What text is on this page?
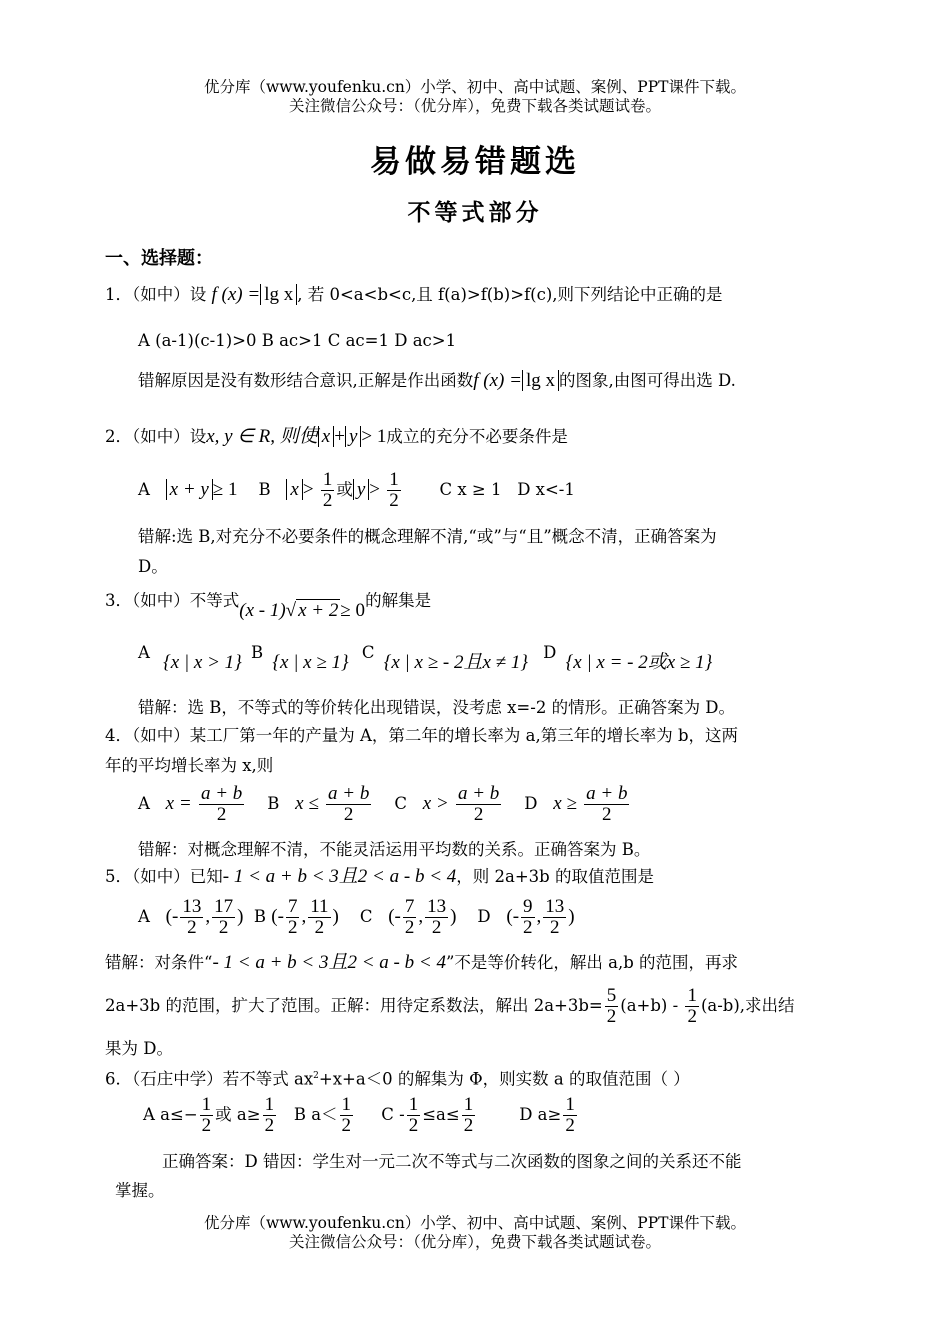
优分库（www.youfenku.cn）小学、初中、高中试题、案例、PPT课件下载。
关注微信公众号：（优分库），免费下载各类试题试卷。
易做易错题选
不等式部分
一、选择题：
1．（如中）设 f (x) = lg x , 若 0<a<b<c,且 f(a)>f(b)>f(c),则下列结论中正确的是
A (a-1)(c-1)>0 B ac>1 C ac=1 D ac>1
错解原因是没有数形结合意识,正解是作出函数f (x) = lg x 的图象,由图可得出选 D.
2．（如中）设x, y ∈ R, 则使 x + y > 1成立的充分不必要条件是
A x + y ≥ 1 B $x > \frac{1}{2}$ 或 $y > \frac{1}{2}$ C x ≥ 1 D x<-1
错解:选 B,对充分不必要条件的概念理解不清,“或”与“且”概念不清，正确答案为
D。
3．（如中）不等式(x - 1)√ x + 2 ≥ 0的解集是
A {x | x > 1} B {x | x ≥ 1} C {x | x ≥ - 2且x ≠ 1} D {x | x = - 2或x ≥ 1}
错解：选 B，不等式的等价转化出现错误，没考虑 x=-2 的情形。正确答案为 D。
4．（如中）某工厂第一年的产量为 A，第二年的增长率为 a,第三年的增长率为 b，这两
年的平均增长率为 x,则
A $x = \frac{a + b}{2}$ B $x \le \frac{a + b}{2}$ C $x > \frac{a + b}{2}$ D $x \ge \frac{a + b}{2}$
错解：对概念理解不清，不能灵活运用平均数的关系。正确答案为 B。
5．（如中）已知- 1 < a + b < 3且2 < a - b < 4，则 2a+3b 的取值范围是
A (- $\frac{13}{2}$ , $\frac{17}{2}$ ) B (- $\frac{7}{2}$ , $\frac{11}{2}$ ) C (- $\frac{7}{2}$ , $\frac{13}{2}$ ) D (- $\frac{9}{2}$ , $\frac{13}{2}$ )
错解：对条件“- 1 < a + b < 3且2 < a - b < 4”不是等价转化，解出 a,b 的范围，再求
2a+3b 的范围，扩大了范围。正解：用待定系数法，解出 $2a+3b= \frac{5}{2} (a+b) - \frac{1}{2} (a-b)$,求出结
果为 D。
6．（石庄中学）若不等式 $ax^2+x+a<0$ 的解集为 Φ，则实数 a 的取值范围（ ）
A $a\le- \frac{1}{2}$ 或 $a\ge \frac{1}{2}$ B $a< \frac{1}{2}$ $C - \frac{1}{2} \le a\le \frac{1}{2}$	D $a\ge \frac{1}{2}$
正确答案：D 错因：学生对一元二次不等式与二次函数的图象之间的关系还不能
掌握。
优分库（www.youfenku.cn）小学、初中、高中试题、案例、PPT课件下载。
关注微信公众号：（优分库），免费下载各类试题试卷。
